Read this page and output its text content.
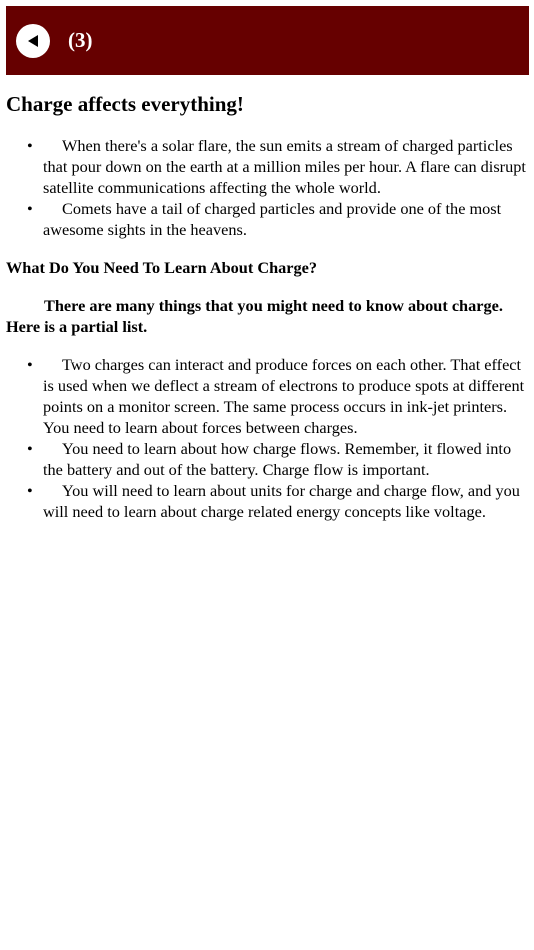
(3)
Charge affects everything!
• When there's a solar flare, the sun emits a stream of charged particles that pour down on the earth at a million miles per hour. A flare can disrupt satellite communications affecting the whole world.
• Comets have a tail of charged particles and provide one of the most awesome sights in the heavens.
What Do You Need To Learn About Charge?
There are many things that you might need to know about charge. Here is a partial list.
• Two charges can interact and produce forces on each other. That effect is used when we deflect a stream of electrons to produce spots at different points on a monitor screen. The same process occurs in ink-jet printers. You need to learn about forces between charges.
• You need to learn about how charge flows. Remember, it flowed into the battery and out of the battery. Charge flow is important.
• You will need to learn about units for charge and charge flow, and you will need to learn about charge related energy concepts like voltage.
